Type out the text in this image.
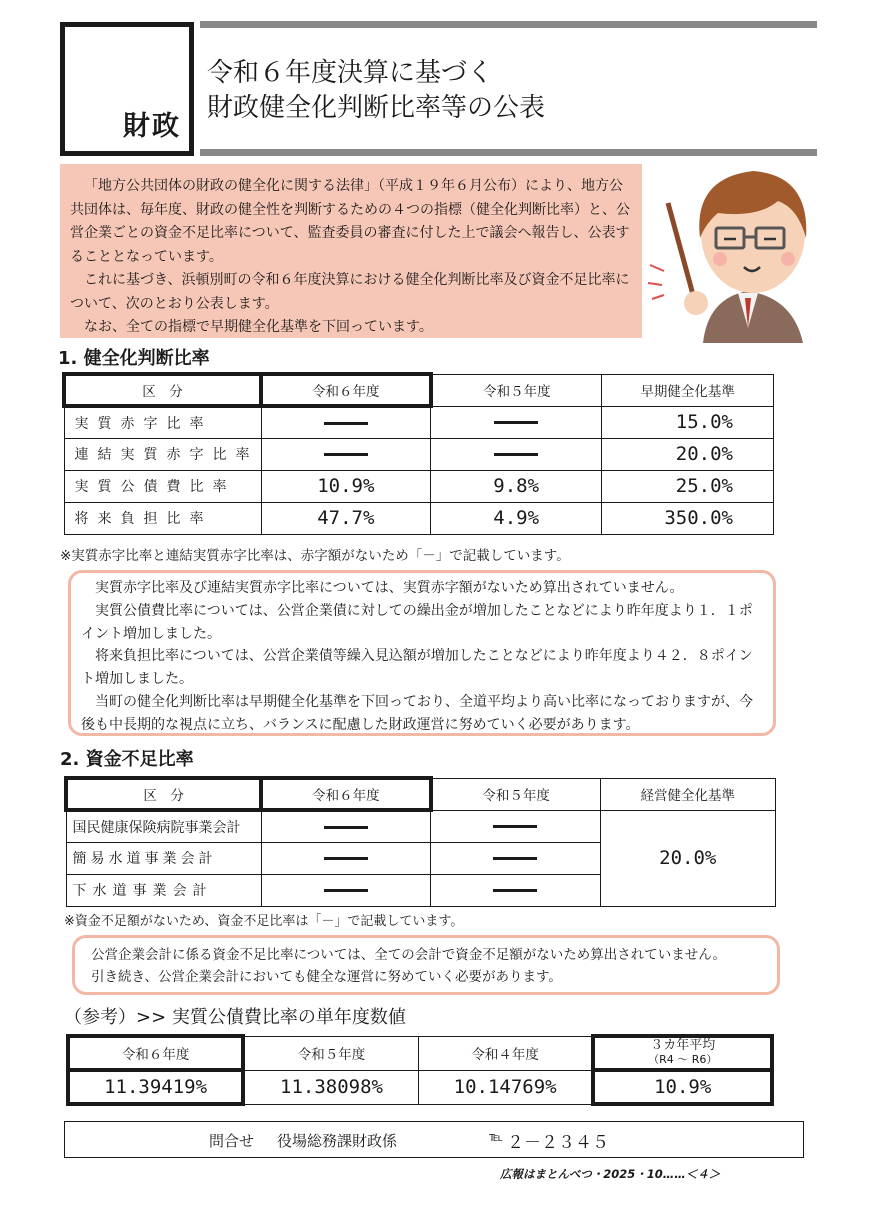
財政
令和６年度決算に基づく
財政健全化判断比率等の公表

「地方公共団体の財政の健全化に関する法律」（平成１９年６月公布）により、地方公共団体は、毎年度、財政の健全性を判断するための４つの指標（健全化判断比率）と、公営企業ごとの資金不足比率について、監査委員の審査に付した上で議会へ報告し、公表することとなっています。

これに基づき、浜頓別町の令和６年度決算における健全化判断比率及び資金不足比率について、次のとおり公表します。

なお、全ての指標で早期健全化基準を下回っています。

1. 健全化判断比率
区　分	令和６年度	令和５年度	早期健全化基準
実質赤字比率			15.0%
連結実質赤字比率			20.0%
実質公債費比率	10.9%	9.8%	25.0%
将来負担比率	47.7%	4.9%	350.0%
※実質赤字比率と連結実質赤字比率は、赤字額がないため「－」で記載しています。

実質赤字比率及び連結実質赤字比率については、実質赤字額がないため算出されていません。

実質公債費比率については、公営企業債に対しての繰出金が増加したことなどにより昨年度より１．１ポイント増加しました。

将来負担比率については、公営企業債等繰入見込額が増加したことなどにより昨年度より４２．８ポイント増加しました。

当町の健全化判断比率は早期健全化基準を下回っており、全道平均より高い比率になっておりますが、今後も中長期的な視点に立ち、バランスに配慮した財政運営に努めていく必要があります。

2. 資金不足比率
区　分	令和６年度	令和５年度	経営健全化基準
国民健康保険病院事業会計			20.0%
簡易水道事業会計			
下水道事業会計			
※資金不足額がないため、資金不足比率は「－」で記載しています。
公営企業会計に係る資金不足比率については、全ての会計で資金不足額がないため算出されていません。
引き続き、公営企業会計においても健全な運営に努めていく必要があります。
（参考）>> 実質公債費比率の単年度数値
令和６年度	令和５年度	令和４年度	３カ年平均
（R4 ～ R6）

11.39419%	11.38098%	10.14769%	10.9%
問合せ 役場総務課財政係	℡ ２－２３４５
広報はまとんべつ・2025・10……＜４＞
